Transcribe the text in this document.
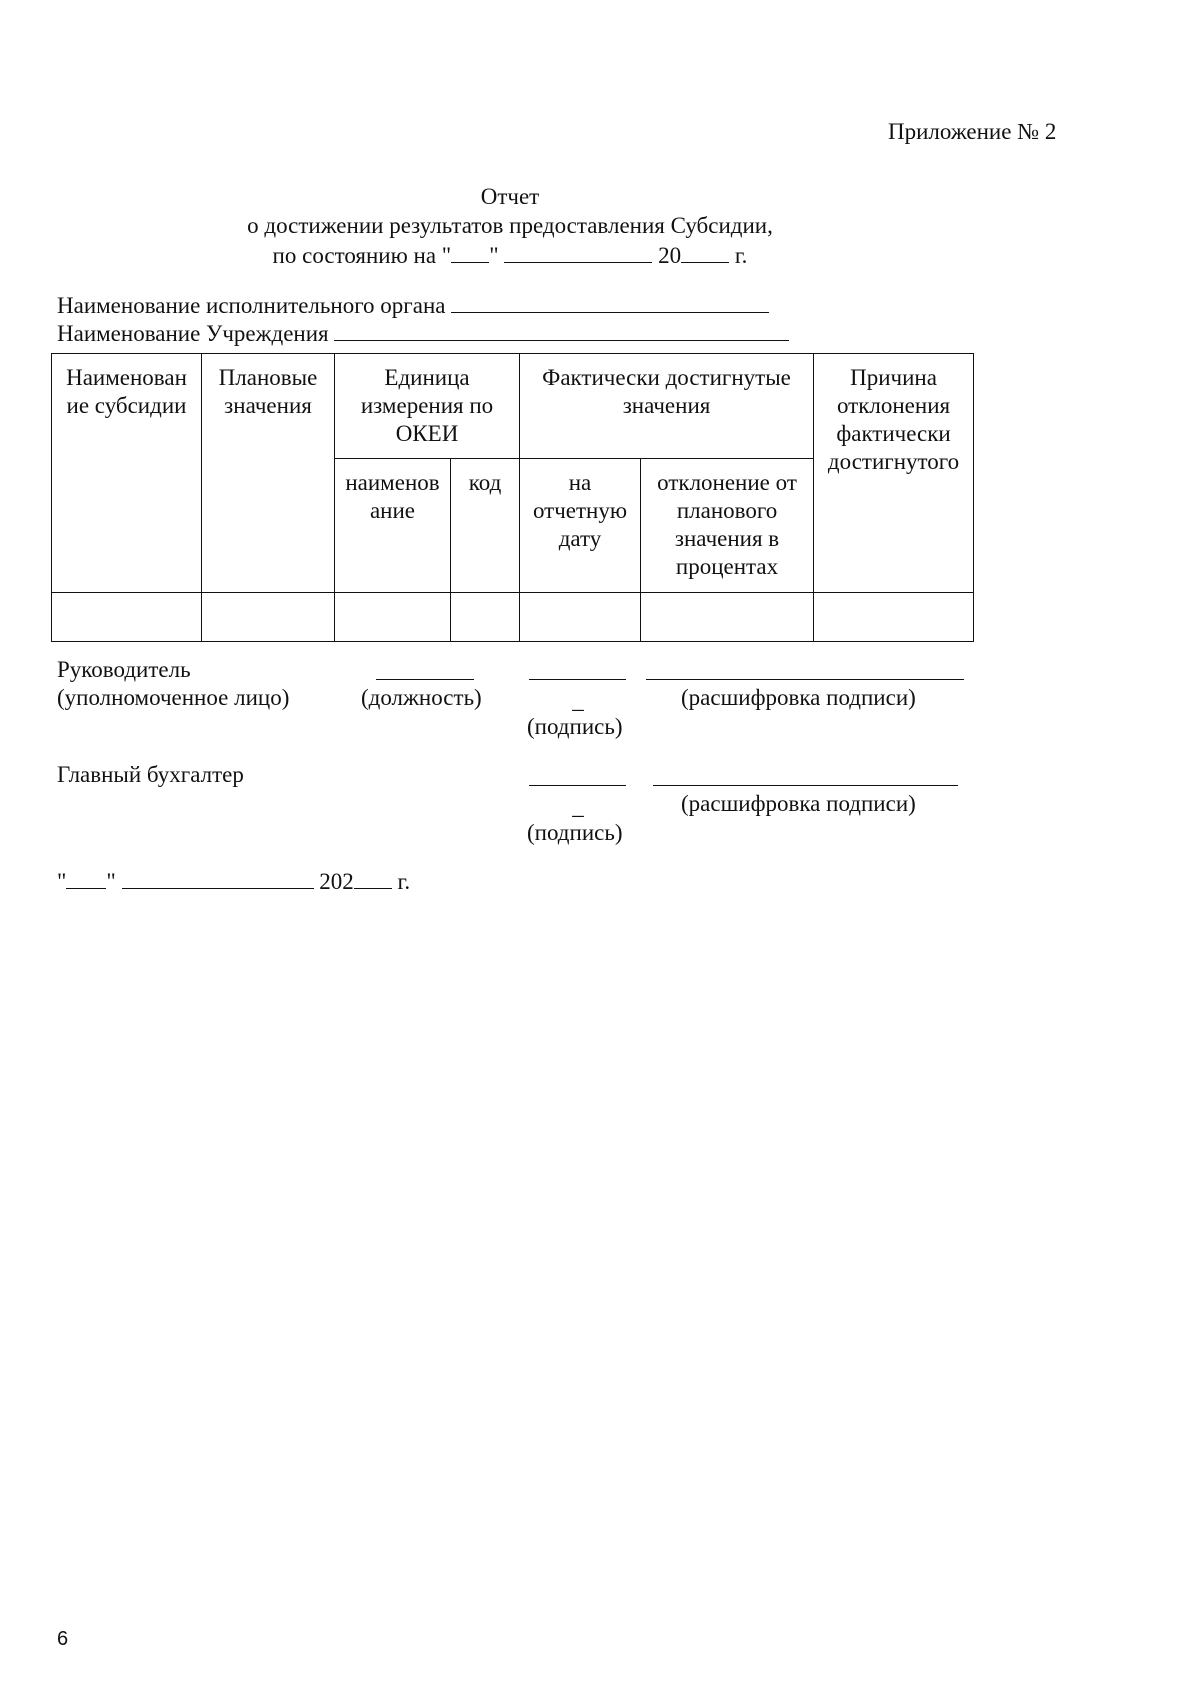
Приложение № 2
Отчет
о достижении результатов предоставления Субсидии,
по состоянию на " "	20 г.
Наименование исполнительного органа
Наименование Учреждения
Наименован ие субсидии	Плановые значения	Единица измерения по ОКЕИ		Фактически достигнутые значения		Причина отклонения фактически достигнутого
		наименов ание	код	на отчетную дату	отклонение от планового значения в процентах	

Руководитель
(уполномоченное лицо)	(должность)	_
(подпись)
(расшифровка подписи)
Главный бухгалтер
_
(подпись)
(расшифровка подписи)
" "	202 г.
6
